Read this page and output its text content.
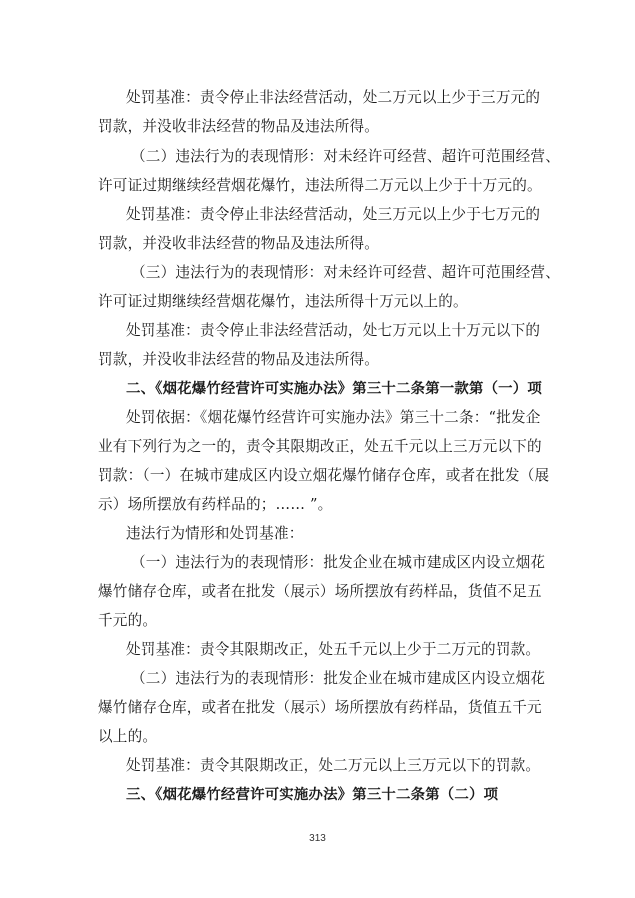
处罚基准：责令停止非法经营活动，处二万元以上少于三万元的
罚款，并没收非法经营的物品及违法所得。
（二）违法行为的表现情形：对未经许可经营、超许可范围经营、
许可证过期继续经营烟花爆竹，违法所得二万元以上少于十万元的。
处罚基准：责令停止非法经营活动，处三万元以上少于七万元的
罚款，并没收非法经营的物品及违法所得。
（三）违法行为的表现情形：对未经许可经营、超许可范围经营、
许可证过期继续经营烟花爆竹，违法所得十万元以上的。
处罚基准：责令停止非法经营活动，处七万元以上十万元以下的
罚款，并没收非法经营的物品及违法所得。
二、《烟花爆竹经营许可实施办法》第三十二条第一款第（一）项
处罚依据：《烟花爆竹经营许可实施办法》第三十二条：“批发企
业有下列行为之一的，责令其限期改正，处五千元以上三万元以下的
罚款：（一）在城市建成区内设立烟花爆竹储存仓库，或者在批发（展
示）场所摆放有药样品的；…… ”。
违法行为情形和处罚基准：
（一）违法行为的表现情形：批发企业在城市建成区内设立烟花
爆竹储存仓库，或者在批发（展示）场所摆放有药样品，货值不足五
千元的。
处罚基准：责令其限期改正，处五千元以上少于二万元的罚款。
（二）违法行为的表现情形：批发企业在城市建成区内设立烟花
爆竹储存仓库，或者在批发（展示）场所摆放有药样品，货值五千元
以上的。
处罚基准：责令其限期改正，处二万元以上三万元以下的罚款。
三、《烟花爆竹经营许可实施办法》第三十二条第（二）项
313
